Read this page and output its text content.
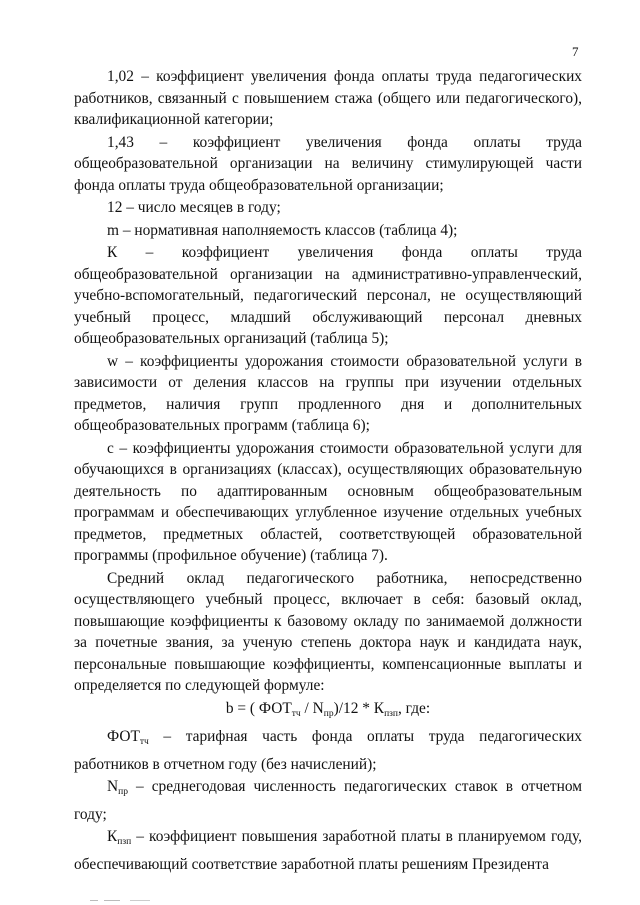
7

1,02 – коэффициент увеличения фонда оплаты труда педагогических работников, связанный с повышением стажа (общего или педагогического), квалификационной категории;

1,43 – коэффициент увеличения фонда оплаты труда общеобразовательной организации на величину стимулирующей части фонда оплаты труда общеобразовательной организации;

12 – число месяцев в году;

m – нормативная наполняемость классов (таблица 4);

К – коэффициент увеличения фонда оплаты труда общеобразовательной организации на административно-управленческий, учебно-вспомогательный, педагогический персонал, не осуществляющий учебный процесс, младший обслуживающий персонал дневных общеобразовательных организаций (таблица 5);

w – коэффициенты удорожания стоимости образовательной услуги в зависимости от деления классов на группы при изучении отдельных предметов, наличия групп продленного дня и дополнительных общеобразовательных программ (таблица 6);

c – коэффициенты удорожания стоимости образовательной услуги для обучающихся в организациях (классах), осуществляющих образовательную деятельность по адаптированным основным общеобразовательным программам и обеспечивающих углубленное изучение отдельных учебных предметов, предметных областей, соответствующей образовательной программы (профильное обучение) (таблица 7).

Средний оклад педагогического работника, непосредственно осуществляющего учебный процесс, включает в себя: базовый оклад, повышающие коэффициенты к базовому окладу по занимаемой должности за почетные звания, за ученую степень доктора наук и кандидата наук, персональные повышающие коэффициенты, компенсационные выплаты и определяется по следующей формуле:

b = ( ФОТтч / Nпр)/12 * Кпзп, где:

ФОТтч – тарифная часть фонда оплаты труда педагогических работников в отчетном году (без начислений);

Nпр – среднегодовая численность педагогических ставок в отчетном году;

Кпзп – коэффициент повышения заработной платы в планируемом году, обеспечивающий соответствие заработной платы решениям Президента
